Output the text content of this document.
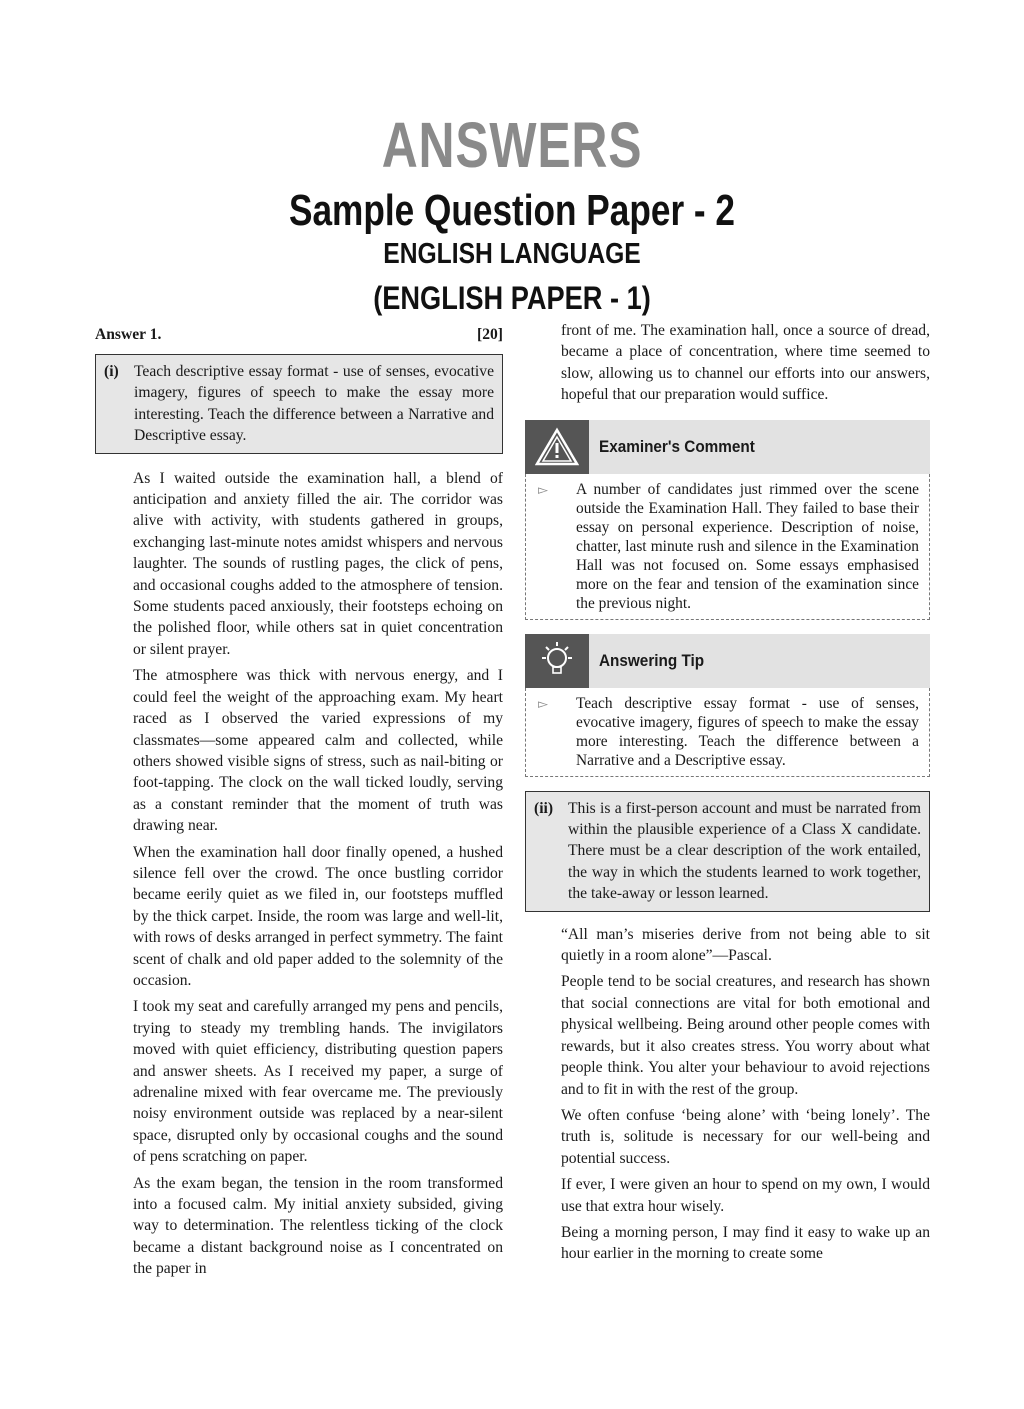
ANSWERS
Sample Question Paper - 2
ENGLISH LANGUAGE
(ENGLISH PAPER - 1)
Answer 1.	[20]
(i) Teach descriptive essay format - use of senses, evocative imagery, figures of speech to make the essay more interesting. Teach the difference between a Narrative and Descriptive essay.

As I waited outside the examination hall, a blend of anticipation and anxiety filled the air. The corridor was alive with activity, with students gathered in groups, exchanging last-minute notes amidst whispers and nervous laughter. The sounds of rustling pages, the click of pens, and occasional coughs added to the atmosphere of tension. Some students paced anxiously, their footsteps echoing on the polished floor, while others sat in quiet concentration or silent prayer.

The atmosphere was thick with nervous energy, and I could feel the weight of the approaching exam. My heart raced as I observed the varied expressions of my classmates—some appeared calm and collected, while others showed visible signs of stress, such as nail-biting or foot-tapping. The clock on the wall ticked loudly, serving as a constant reminder that the moment of truth was drawing near.

When the examination hall door finally opened, a hushed silence fell over the crowd. The once bustling corridor became eerily quiet as we filed in, our footsteps muffled by the thick carpet. Inside, the room was large and well-lit, with rows of desks arranged in perfect symmetry. The faint scent of chalk and old paper added to the solemnity of the occasion.

I took my seat and carefully arranged my pens and pencils, trying to steady my trembling hands. The invigilators moved with quiet efficiency, distributing question papers and answer sheets. As I received my paper, a surge of adrenaline mixed with fear overcame me. The previously noisy environment outside was replaced by a near-silent space, disrupted only by occasional coughs and the sound of pens scratching on paper.

As the exam began, the tension in the room transformed into a focused calm. My initial anxiety subsided, giving way to determination. The relentless ticking of the clock became a distant background noise as I concentrated on the paper in

front of me. The examination hall, once a source of dread, became a place of concentration, where time seemed to slow, allowing us to channel our efforts into our answers, hopeful that our preparation would suffice.

Examiner's Comment
▻	A number of candidates just rimmed over the scene outside the Examination Hall. They failed to base their essay on personal experience. Description of noise, chatter, last minute rush and silence in the Examination Hall was not focused on. Some essays emphasised more on the fear and tension of the examination since the previous night.

Answering Tip
▻	Teach descriptive essay format - use of senses, evocative imagery, figures of speech to make the essay more interesting. Teach the difference between a Narrative and a Descriptive essay.

(ii) This is a first-person account and must be narrated from within the plausible experience of a Class X candidate. There must be a clear description of the work entailed, the way in which the students learned to work together, the take-away or lesson learned.

“All man’s miseries derive from not being able to sit quietly in a room alone”—Pascal.

People tend to be social creatures, and research has shown that social connections are vital for both emotional and physical wellbeing. Being around other people comes with rewards, but it also creates stress. You worry about what people think. You alter your behaviour to avoid rejections and to fit in with the rest of the group.

We often confuse ‘being alone’ with ‘being lonely’. The truth is, solitude is necessary for our well-being and potential success.

If ever, I were given an hour to spend on my own, I would use that extra hour wisely.

Being a morning person, I may find it easy to wake up an hour earlier in the morning to create some
